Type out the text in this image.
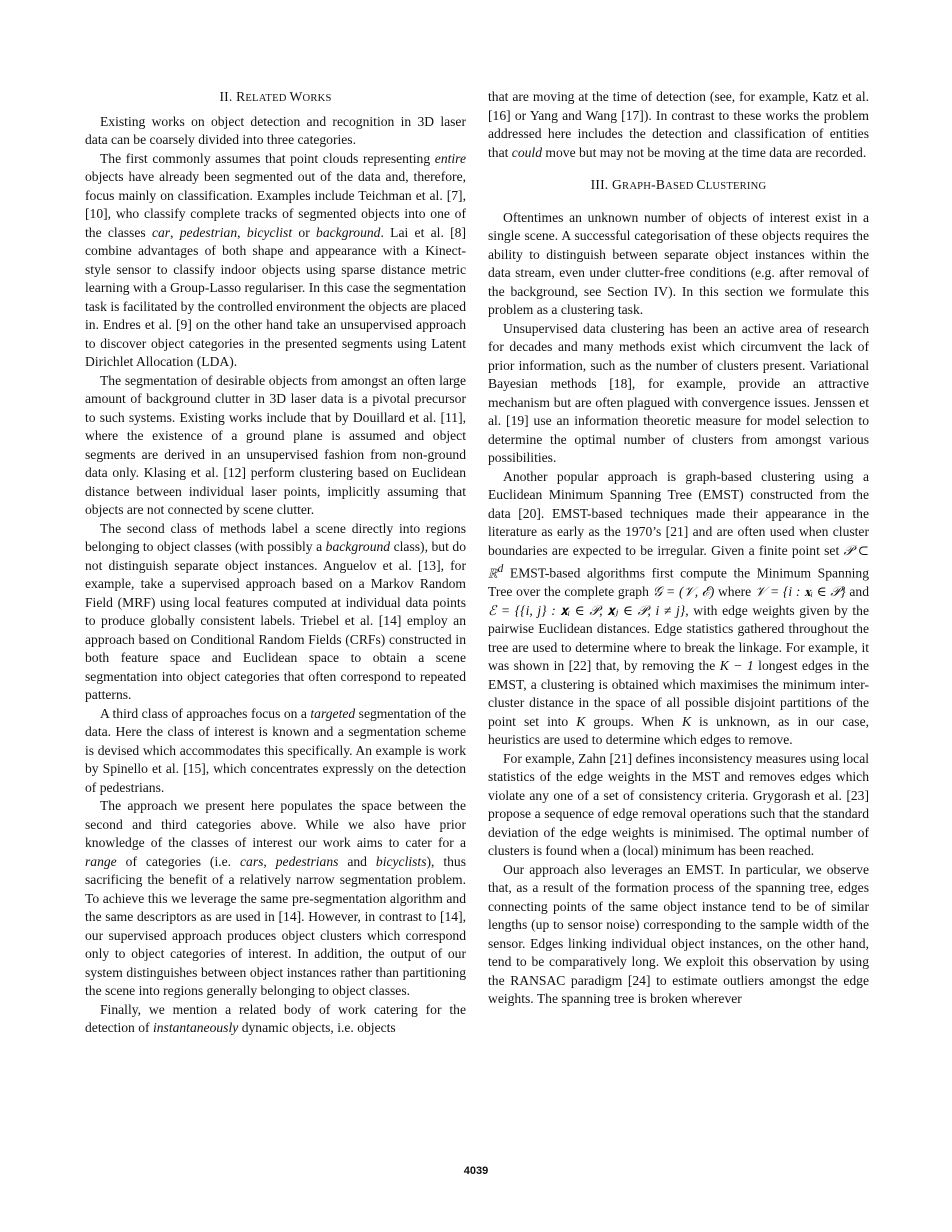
II. RELATED WORKS

Existing works on object detection and recognition in 3D laser data can be coarsely divided into three categories.

The first commonly assumes that point clouds representing entire objects have already been segmented out of the data and, therefore, focus mainly on classification. Examples include Teichman et al. [7], [10], who classify complete tracks of segmented objects into one of the classes car, pedestrian, bicyclist or background. Lai et al. [8] combine advantages of both shape and appearance with a Kinect-style sensor to classify indoor objects using sparse distance metric learning with a Group-Lasso regulariser. In this case the segmentation task is facilitated by the controlled environment the objects are placed in. Endres et al. [9] on the other hand take an unsupervised approach to discover object categories in the presented segments using Latent Dirichlet Allocation (LDA).

The segmentation of desirable objects from amongst an often large amount of background clutter in 3D laser data is a pivotal precursor to such systems. Existing works include that by Douillard et al. [11], where the existence of a ground plane is assumed and object segments are derived in an unsupervised fashion from non-ground data only. Klasing et al. [12] perform clustering based on Euclidean distance between individual laser points, implicitly assuming that objects are not connected by scene clutter.

The second class of methods label a scene directly into regions belonging to object classes (with possibly a background class), but do not distinguish separate object instances. Anguelov et al. [13], for example, take a supervised approach based on a Markov Random Field (MRF) using local features computed at individual data points to produce globally consistent labels. Triebel et al. [14] employ an approach based on Conditional Random Fields (CRFs) constructed in both feature space and Euclidean space to obtain a scene segmentation into object categories that often correspond to repeated patterns.

A third class of approaches focus on a targeted segmentation of the data. Here the class of interest is known and a segmentation scheme is devised which accommodates this specifically. An example is work by Spinello et al. [15], which concentrates expressly on the detection of pedestrians.

The approach we present here populates the space between the second and third categories above. While we also have prior knowledge of the classes of interest our work aims to cater for a range of categories (i.e. cars, pedestrians and bicyclists), thus sacrificing the benefit of a relatively narrow segmentation problem. To achieve this we leverage the same pre-segmentation algorithm and the same descriptors as are used in [14]. However, in contrast to [14], our supervised approach produces object clusters which correspond only to object categories of interest. In addition, the output of our system distinguishes between object instances rather than partitioning the scene into regions generally belonging to object classes.

Finally, we mention a related body of work catering for the detection of instantaneously dynamic objects, i.e. objects

that are moving at the time of detection (see, for example, Katz et al. [16] or Yang and Wang [17]). In contrast to these works the problem addressed here includes the detection and classification of entities that could move but may not be moving at the time data are recorded.

III. GRAPH-BASED CLUSTERING

Oftentimes an unknown number of objects of interest exist in a single scene. A successful categorisation of these objects requires the ability to distinguish between separate object instances within the data stream, even under clutter-free conditions (e.g. after removal of the background, see Section IV). In this section we formulate this problem as a clustering task.

Unsupervised data clustering has been an active area of research for decades and many methods exist which circumvent the lack of prior information, such as the number of clusters present. Variational Bayesian methods [18], for example, provide an attractive mechanism but are often plagued with convergence issues. Jenssen et al. [19] use an information theoretic measure for model selection to determine the optimal number of clusters from amongst various possibilities.

Another popular approach is graph-based clustering using a Euclidean Minimum Spanning Tree (EMST) constructed from the data [20]. EMST-based techniques made their appearance in the literature as early as the 1970’s [21] and are often used when cluster boundaries are expected to be irregular. Given a finite point set 𝒫 ⊂ ℝ$^d$ EMST-based algorithms first compute the Minimum Spanning Tree over the complete graph 𝒢 = (𝒱, ℰ) where 𝒱 = {i : 𝐱ᵢ ∈ 𝒫} and ℰ = {{i, j} : 𝐱ᵢ ∈ 𝒫, 𝐱ⱼ ∈ 𝒫, i ≠ j}, with edge weights given by the pairwise Euclidean distances. Edge statistics gathered throughout the tree are used to determine where to break the linkage. For example, it was shown in [22] that, by removing the K − 1 longest edges in the EMST, a clustering is obtained which maximises the minimum inter-cluster distance in the space of all possible disjoint partitions of the point set into K groups. When K is unknown, as in our case, heuristics are used to determine which edges to remove.

For example, Zahn [21] defines inconsistency measures using local statistics of the edge weights in the MST and removes edges which violate any one of a set of consistency criteria. Grygorash et al. [23] propose a sequence of edge removal operations such that the standard deviation of the edge weights is minimised. The optimal number of clusters is found when a (local) minimum has been reached.

Our approach also leverages an EMST. In particular, we observe that, as a result of the formation process of the spanning tree, edges connecting points of the same object instance tend to be of similar lengths (up to sensor noise) corresponding to the sample width of the sensor. Edges linking individual object instances, on the other hand, tend to be comparatively long. We exploit this observation by using the RANSAC paradigm [24] to estimate outliers amongst the edge weights. The spanning tree is broken wherever

4039
